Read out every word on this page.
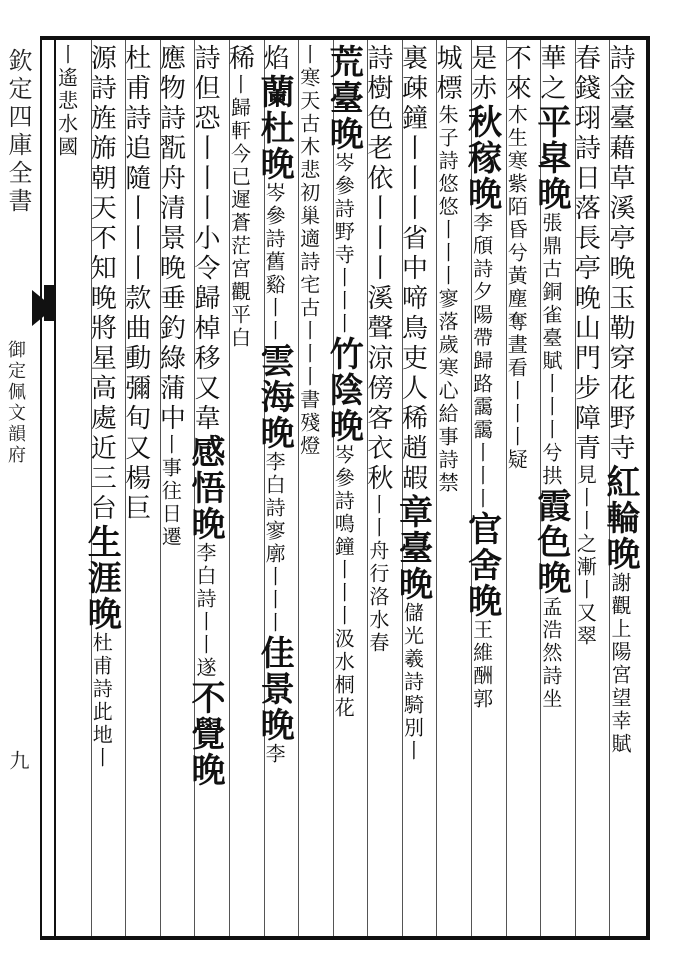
欽定四庫全書
御定佩文韻府
九
詩金臺藉草溪亭晚玉勒穿花野寺紅輪晚謝觀上陽宮望幸賦
春錢珝詩日落長亭晚山門步障青見丨丨之漸丨又翠
華之平皐晚張鼎古銅雀臺賦丨丨丨兮拱霞色晚孟浩然詩坐
不來木生寒紫陌昏兮黃塵奪晝看丨丨丨疑
是赤秋稼晚李頎詩夕陽帶歸路靄靄丨丨丨官舍晚王維酬郭
城標朱子詩悠悠丨丨丨寥落歲寒心給事詩禁
裏疎鐘丨丨丨省中啼鳥吏人稀趙嘏章臺晚儲光羲詩騎別丨
詩樹色老依丨丨丨溪聲涼傍客衣秋丨丨舟行洛水春
荒臺晚岑參詩野寺丨丨丨竹陰晚岑參詩鳴鐘丨丨丨汲水桐花
丨寒天古木悲初巢適詩宅古丨丨丨書殘燈
焰蘭杜晚岑參詩舊谿丨丨雲海晚李白詩寥廓丨丨丨佳景晚李
稀丨歸軒今已遲蒼茫宮觀平白
詩但恐丨丨丨小令歸棹移又韋感悟晚李白詩丨丨遂不覺晚
應物詩翫舟清景晚垂釣綠蒲中丨事往日遷
杜甫詩追隨丨丨丨款曲動彌旬又楊巨
源詩旌旆朝天不知晚將星高處近三台生涯晚杜甫詩此地丨
丨遙悲水國
